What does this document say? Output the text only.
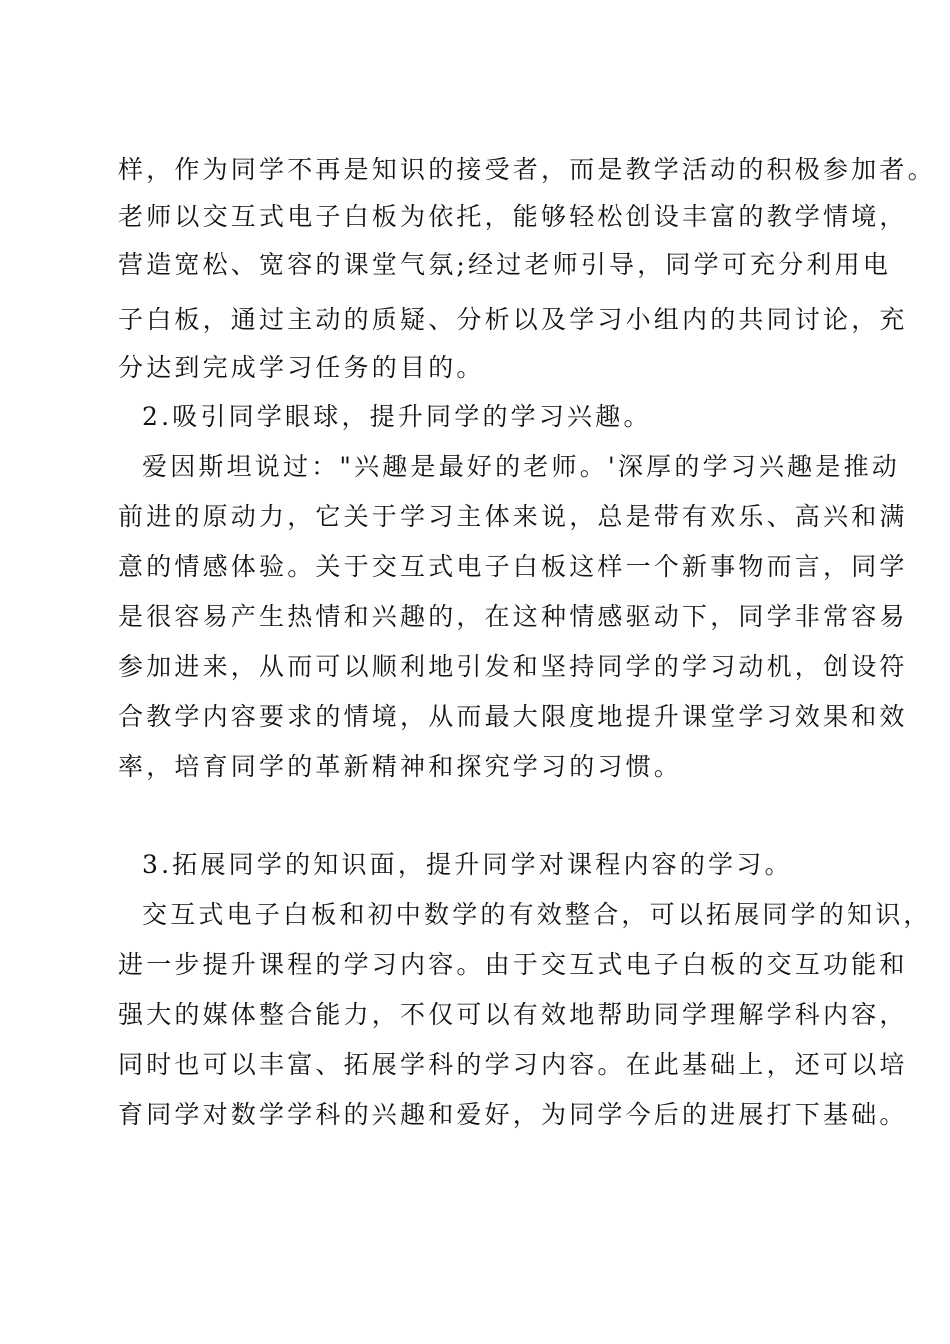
样，作为同学不再是知识的接受者，而是教学活动的积极参加者。
老师以交互式电子白板为依托，能够轻松创设丰富的教学情境，
营造宽松、宽容的课堂气氛;经过老师引导，同学可充分利用电
子白板，通过主动的质疑、分析以及学习小组内的共同讨论，充
分达到完成学习任务的目的。
2.吸引同学眼球，提升同学的学习兴趣。
爱因斯坦说过："兴趣是最好的老师。'深厚的学习兴趣是推动
前进的原动力，它关于学习主体来说，总是带有欢乐、高兴和满
意的情感体验。关于交互式电子白板这样一个新事物而言，同学
是很容易产生热情和兴趣的，在这种情感驱动下，同学非常容易
参加进来，从而可以顺利地引发和坚持同学的学习动机，创设符
合教学内容要求的情境，从而最大限度地提升课堂学习效果和效
率，培育同学的革新精神和探究学习的习惯。
3.拓展同学的知识面，提升同学对课程内容的学习。
交互式电子白板和初中数学的有效整合，可以拓展同学的知识，
进一步提升课程的学习内容。由于交互式电子白板的交互功能和
强大的媒体整合能力，不仅可以有效地帮助同学理解学科内容，
同时也可以丰富、拓展学科的学习内容。在此基础上，还可以培
育同学对数学学科的兴趣和爱好，为同学今后的进展打下基础。
